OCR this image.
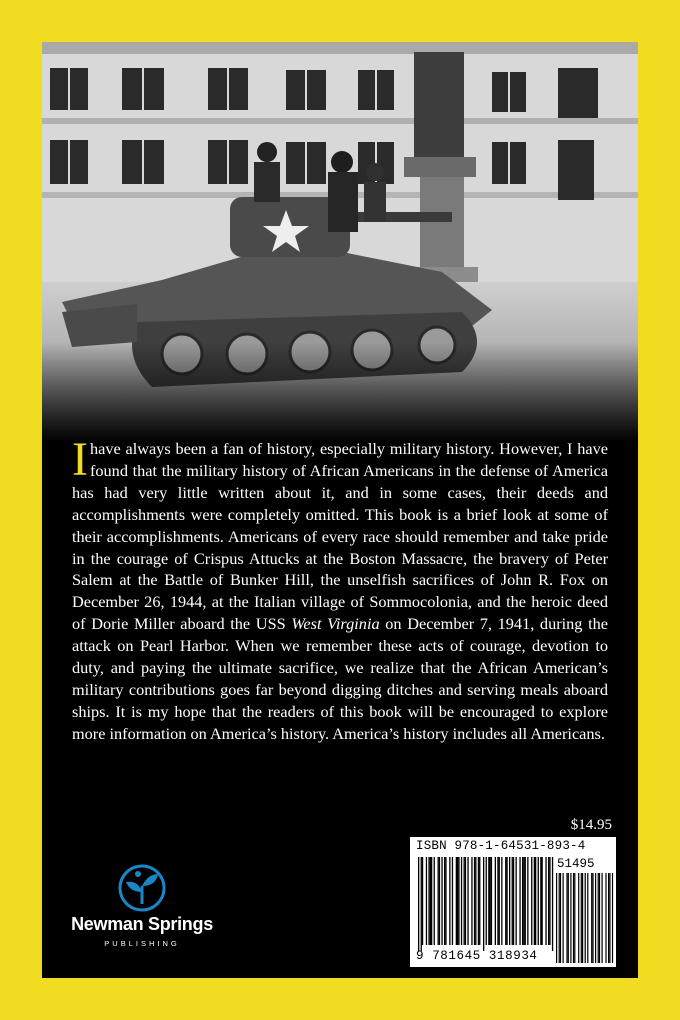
Ihave always been a fan of history, especially military history. However, I have found that the military history of African Americans in the defense of America has had very little written about it, and in some cases, their deeds and accomplishments were completely omitted. This book is a brief look at some of their accomplishments. Americans of every race should remember and take pride in the courage of Crispus Attucks at the Boston Massacre, the bravery of Peter Salem at the Battle of Bunker Hill, the unselfish sacrifices of John R. Fox on December 26, 1944, at the Italian village of Sommocolonia, and the heroic deed of Dorie Miller aboard the USS West Virginia on December 7, 1941, during the attack on Pearl Harbor. When we remember these acts of courage, devotion to duty, and paying the ultimate sacrifice, we realize that the African American’s military contributions goes far beyond digging ditches and serving meals aboard ships. It is my hope that the readers of this book will be encouraged to explore more information on America’s history. America’s history includes all Americans.

Newman Springs
PUBLISHING
$14.95
ISBN 978-1-64531-893-4
51495
9 781645 318934
